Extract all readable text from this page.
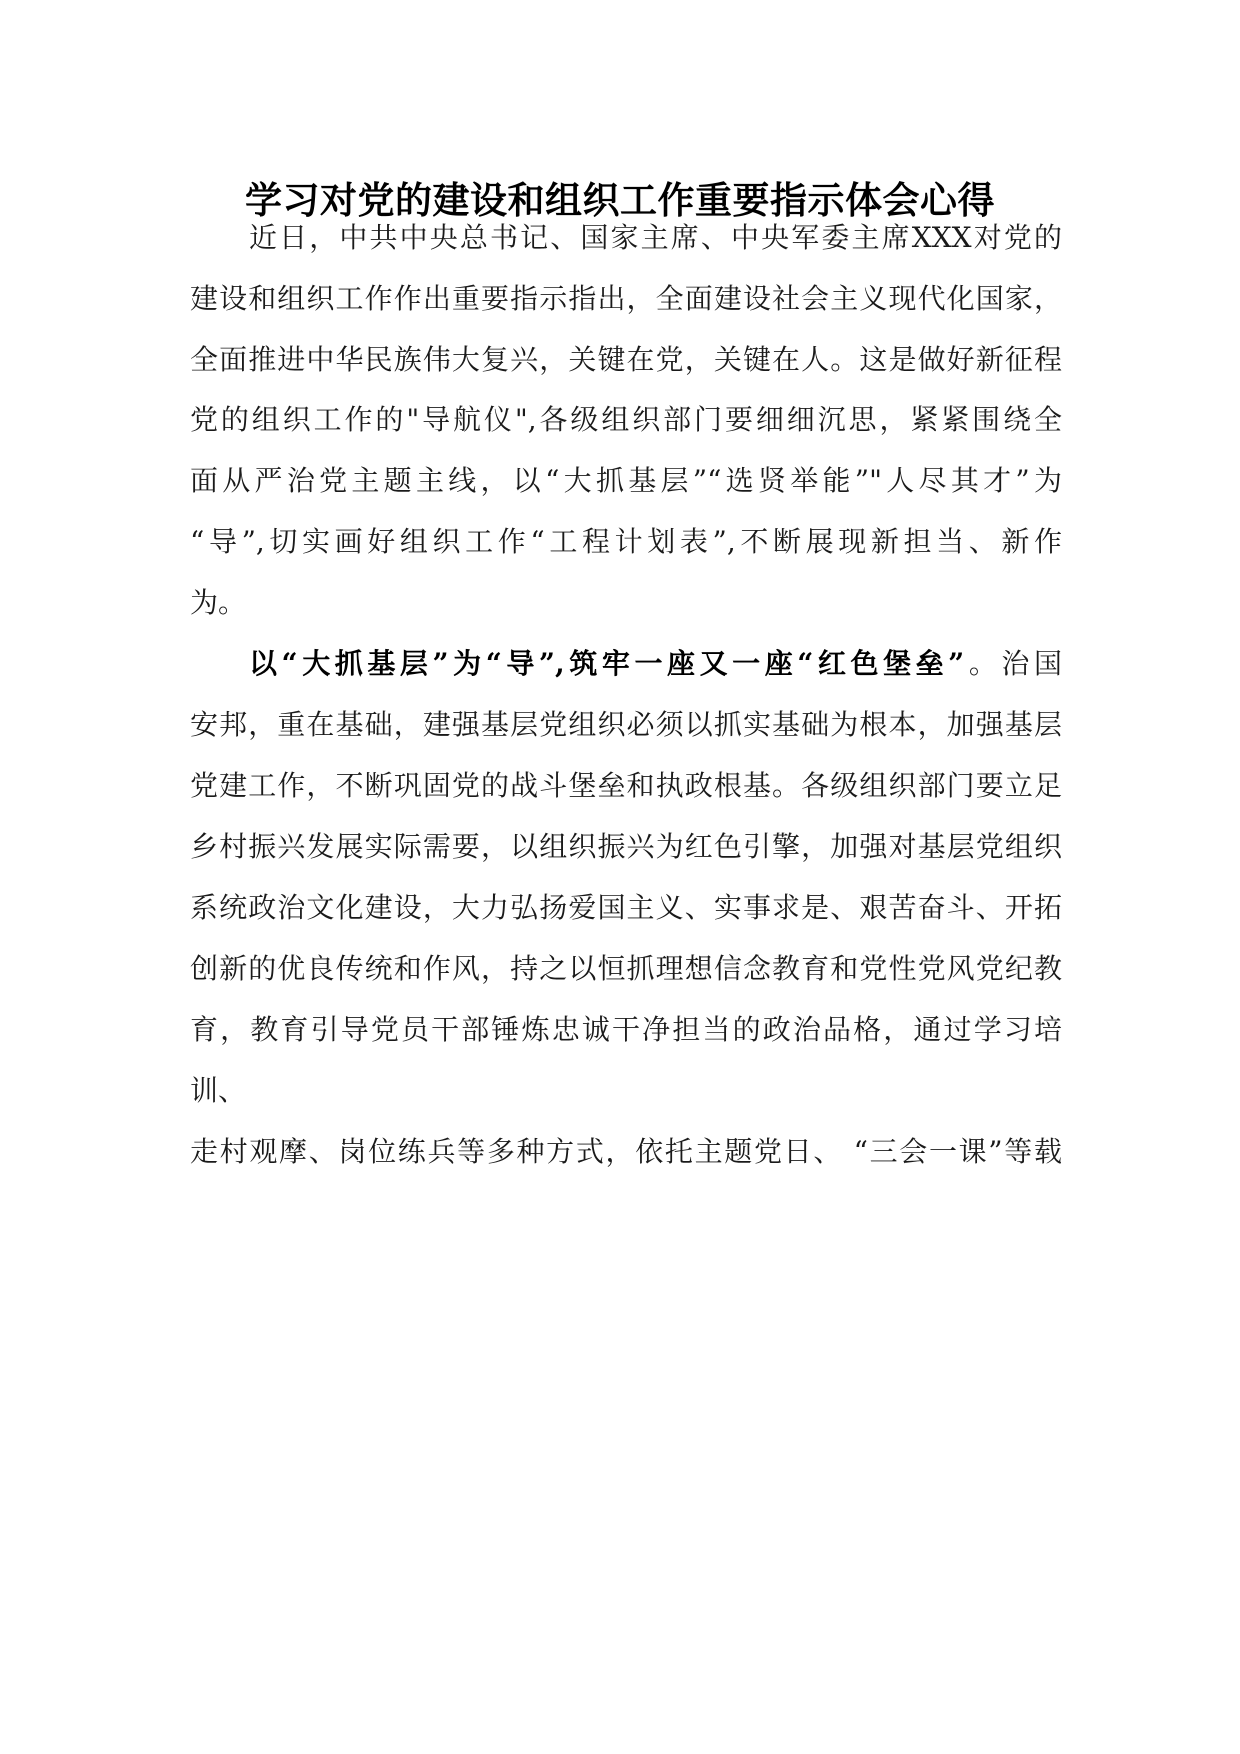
学习对党的建设和组织工作重要指示体会心得

近日，中共中央总书记、国家主席、中央军委主席XXX对党的

建设和组织工作作出重要指示指出，全面建设社会主义现代化国家，

全面推进中华民族伟大复兴，关键在党，关键在人。这是做好新征程

党的组织工作的"导航仪",各级组织部门要细细沉思，紧紧围绕全

面从严治党主题主线，以“大抓基层”“选贤举能”"人尽其才”为

“导”,切实画好组织工作“工程计划表”,不断展现新担当、新作

为。

以“大抓基层”为“导”,筑牢一座又一座“红色堡垒”。治国

安邦，重在基础，建强基层党组织必须以抓实基础为根本，加强基层

党建工作，不断巩固党的战斗堡垒和执政根基。各级组织部门要立足

乡村振兴发展实际需要，以组织振兴为红色引擎，加强对基层党组织

系统政治文化建设，大力弘扬爱国主义、实事求是、艰苦奋斗、开拓

创新的优良传统和作风，持之以恒抓理想信念教育和党性党风党纪教

育，教育引导党员干部锤炼忠诚干净担当的政治品格，通过学习培

训、

走村观摩、岗位练兵等多种方式，依托主题党日、 “三会一课”等载
